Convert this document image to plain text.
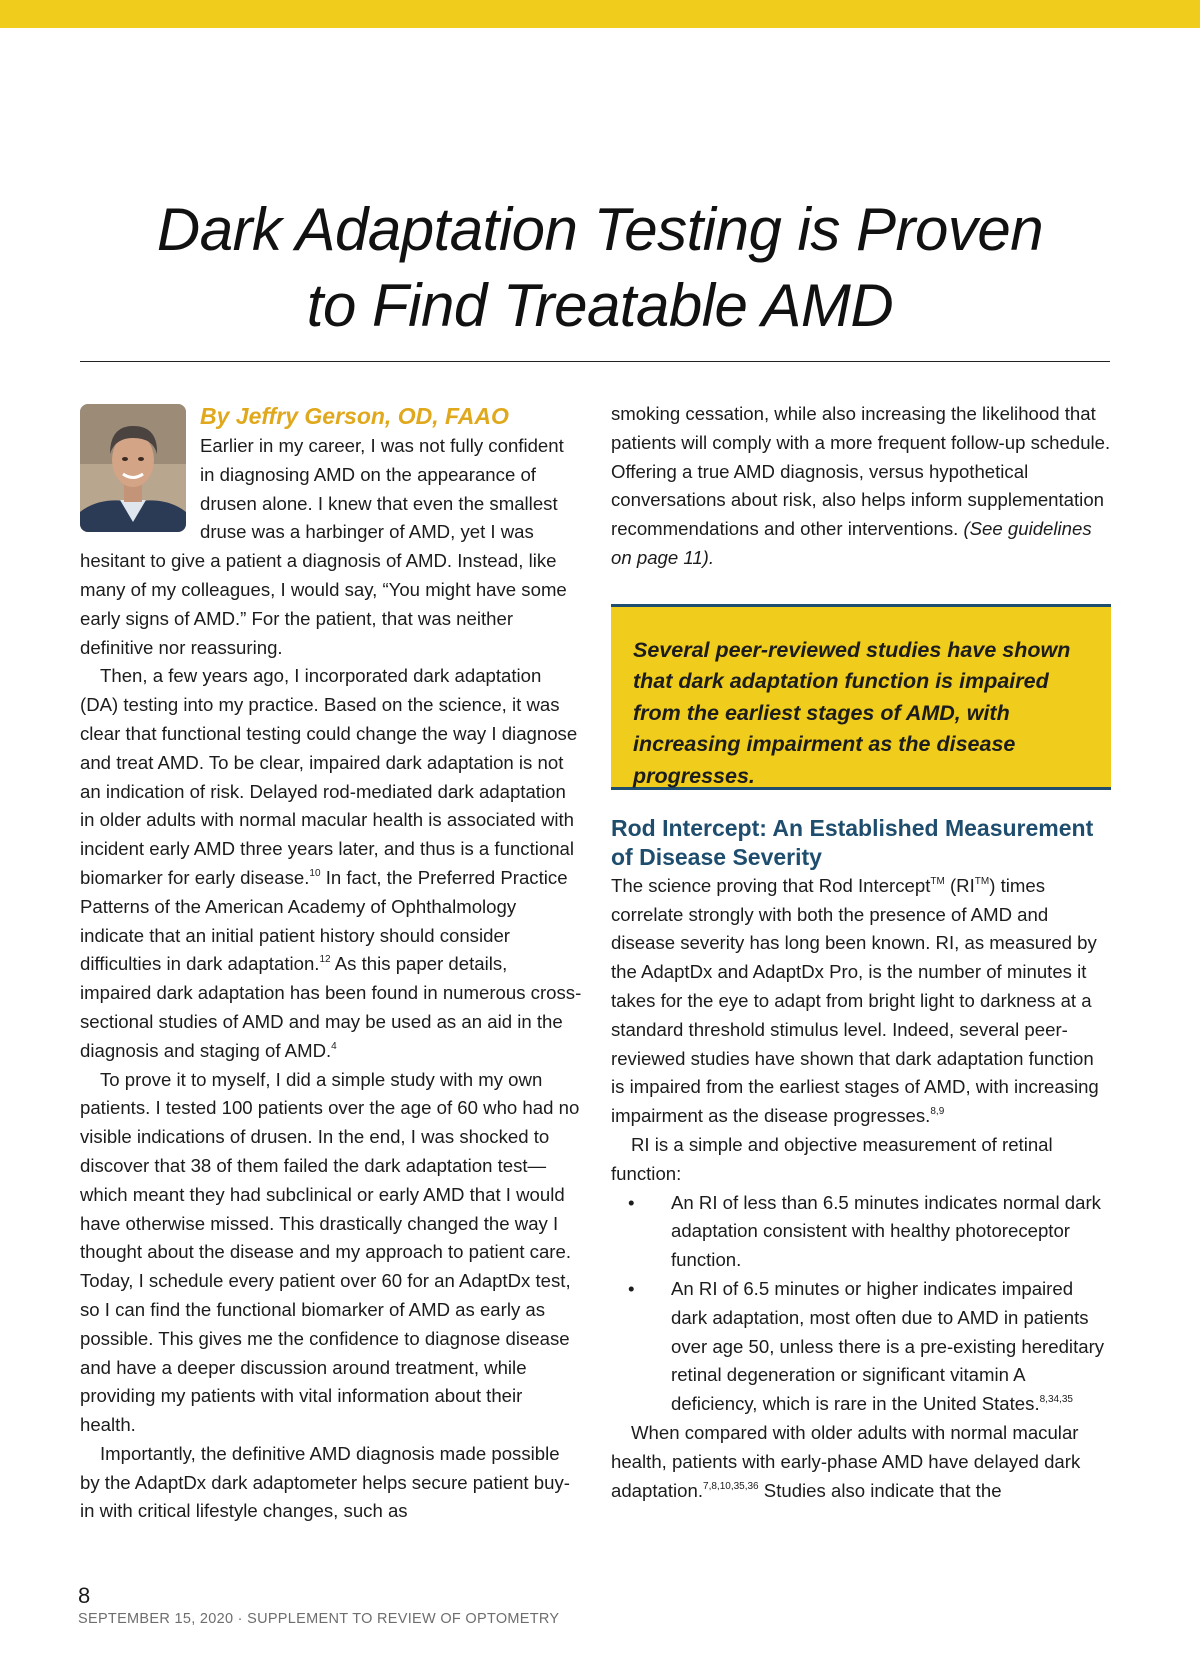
Dark Adaptation Testing is Proven
to Find Treatable AMD
By Jeffry Gerson, OD, FAAO

Earlier in my career, I was not fully confident in diagnosing AMD on the appearance of drusen alone. I knew that even the smallest druse was a harbinger of AMD, yet I was hesitant to give a patient a diagnosis of AMD. Instead, like many of my colleagues, I would say, “You might have some early signs of AMD.” For the patient, that was neither definitive nor reassuring.

Then, a few years ago, I incorporated dark adaptation (DA) testing into my practice. Based on the science, it was clear that functional testing could change the way I diagnose and treat AMD. To be clear, impaired dark adaptation is not an indication of risk. Delayed rod-mediated dark adaptation in older adults with normal macular health is associated with incident early AMD three years later, and thus is a functional biomarker for early disease.$^{10}$ In fact, the Preferred Practice Patterns of the American Academy of Ophthalmology indicate that an initial patient history should consider difficulties in dark adaptation.$^{12}$ As this paper details, impaired dark adaptation has been found in numerous cross-sectional studies of AMD and may be used as an aid in the diagnosis and staging of AMD.$^4$

To prove it to myself, I did a simple study with my own patients. I tested 100 patients over the age of 60 who had no visible indications of drusen. In the end, I was shocked to discover that 38 of them failed the dark adaptation test—which meant they had subclinical or early AMD that I would have otherwise missed. This drastically changed the way I thought about the disease and my approach to patient care. Today, I schedule every patient over 60 for an AdaptDx test, so I can find the functional biomarker of AMD as early as possible. This gives me the confidence to diagnose disease and have a deeper discussion around treatment, while providing my patients with vital information about their health.

Importantly, the definitive AMD diagnosis made possible by the AdaptDx dark adaptometer helps secure patient buy-in with critical lifestyle changes, such as

smoking cessation, while also increasing the likelihood that patients will comply with a more frequent follow-up schedule. Offering a true AMD diagnosis, versus hypothetical conversations about risk, also helps inform supplementation recommendations and other interventions. (See guidelines on page 11).

Several peer-reviewed studies have shown that dark adaptation function is impaired from the earliest stages of AMD, with increasing impairment as the disease progresses.

Rod Intercept: An Established Measurement of Disease Severity

The science proving that Rod Intercept™ (RI™) times correlate strongly with both the presence of AMD and disease severity has long been known. RI, as measured by the AdaptDx and AdaptDx Pro, is the number of minutes it takes for the eye to adapt from bright light to darkness at a standard threshold stimulus level. Indeed, several peer-reviewed studies have shown that dark adaptation function is impaired from the earliest stages of AMD, with increasing impairment as the disease progresses.$^{8,9}$

RI is a simple and objective measurement of retinal function:

• An RI of less than 6.5 minutes indicates normal dark adaptation consistent with healthy photoreceptor function.
• An RI of 6.5 minutes or higher indicates impaired dark adaptation, most often due to AMD in patients over age 50, unless there is a pre-existing hereditary retinal degeneration or significant vitamin A deficiency, which is rare in the United States.$^{8,34,35}$

When compared with older adults with normal macular health, patients with early-phase AMD have delayed dark adaptation.$^{7,8,10,35,36}$ Studies also indicate that the

8
SEPTEMBER 15, 2020 · SUPPLEMENT TO REVIEW OF OPTOMETRY
